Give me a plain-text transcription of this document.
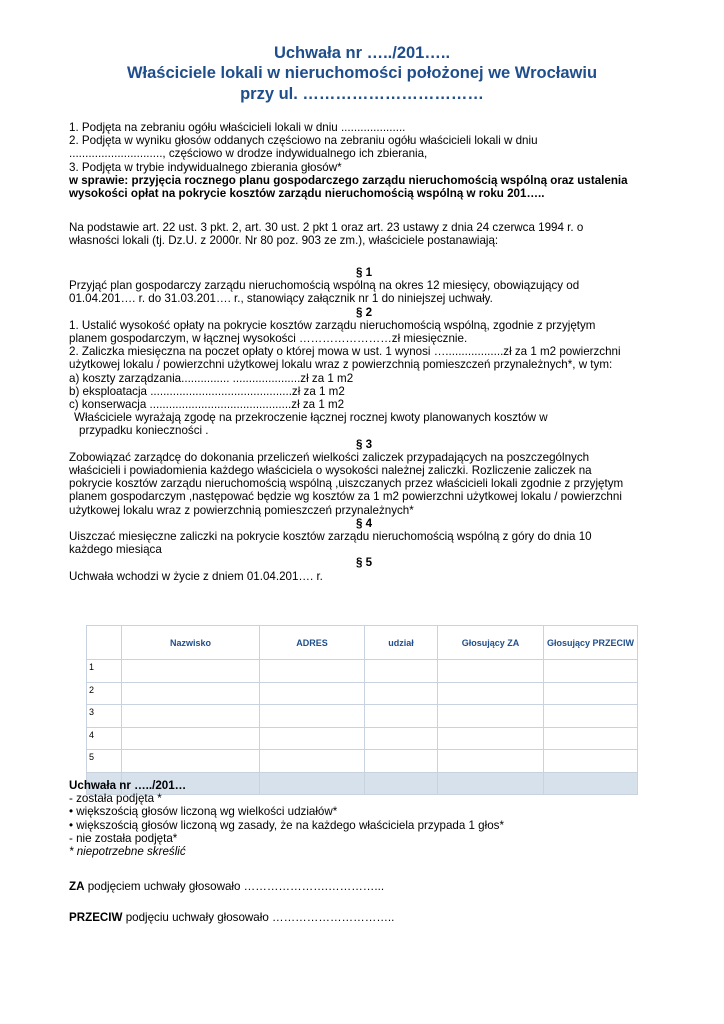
Uchwała nr …../201…..
Właściciele lokali w nieruchomości położonej we Wrocławiu
przy ul. ……………………………
1. Podjęta na zebraniu ogółu właścicieli lokali w dniu ....................
2. Podjęta w wyniku głosów oddanych częściowo na zebraniu ogółu właścicieli lokali w dniu
............................., częściowo w drodze indywidualnego ich zbierania,
3. Podjęta w trybie indywidualnego zbierania głosów*
w sprawie: przyjęcia rocznego planu gospodarczego zarządu nieruchomością wspólną oraz ustalenia
wysokości opłat na pokrycie kosztów zarządu nieruchomością wspólną w roku 201…..
Na podstawie art. 22 ust. 3 pkt. 2, art. 30 ust. 2 pkt 1 oraz art. 23 ustawy z dnia 24 czerwca 1994 r. o
własności lokali (tj. Dz.U. z 2000r. Nr 80 poz. 903 ze zm.), właściciele postanawiają:
§ 1
Przyjąć plan gospodarczy zarządu nieruchomością wspólną na okres 12 miesięcy, obowiązujący od
01.04.201…. r. do 31.03.201…. r., stanowiący załącznik nr 1 do niniejszej uchwały.
§ 2
1. Ustalić wysokość opłaty na pokrycie kosztów zarządu nieruchomością wspólną, zgodnie z przyjętym
planem gospodarczym, w łącznej wysokości ……………………zł miesięcznie.
2. Zaliczka miesięczna na poczet opłaty o której mowa w ust. 1 wynosi …..................zł za 1 m2 powierzchni
użytkowej lokalu / powierzchni użytkowej lokalu wraz z powierzchnią pomieszczeń przynależnych*, w tym:
a) koszty zarządzania............... .....................zł za 1 m2
b) eksploatacja ............................................zł za 1 m2
c) konserwacja ............................................zł za 1 m2
Właściciele wyrażają zgodę na przekroczenie łącznej rocznej kwoty planowanych kosztów w
przypadku konieczności .
§ 3
Zobowiązać zarządcę do dokonania przeliczeń wielkości zaliczek przypadających na poszczególnych
właścicieli i powiadomienia każdego właściciela o wysokości należnej zaliczki. Rozliczenie zaliczek na
pokrycie kosztów zarządu nieruchomością wspólną ,uiszczanych przez właścicieli lokali zgodnie z przyjętym
planem gospodarczym ,następować będzie wg kosztów za 1 m2 powierzchni użytkowej lokalu / powierzchni
użytkowej lokalu wraz z powierzchnią pomieszczeń przynależnych*
§ 4
Uiszczać miesięczne zaliczki na pokrycie kosztów zarządu nieruchomością wspólną z góry do dnia 10
każdego miesiąca
§ 5
Uchwała wchodzi w życie z dniem 01.04.201…. r.
	Nazwisko	ADRES	udział	Głosujący ZA	Głosujący PRZECIW
1					
2					
3					
4					
5					

Uchwała nr …../201…
- została podjęta *
• większością głosów liczoną wg wielkości udziałów*
• większością głosów liczoną wg zasady, że na każdego właściciela przypada 1 głos*
- nie została podjęta*
* niepotrzebne skreślić
ZA podjęciem uchwały głosowało ………………….…………...
PRZECIW podjęciu uchwały głosowało …………………………..
